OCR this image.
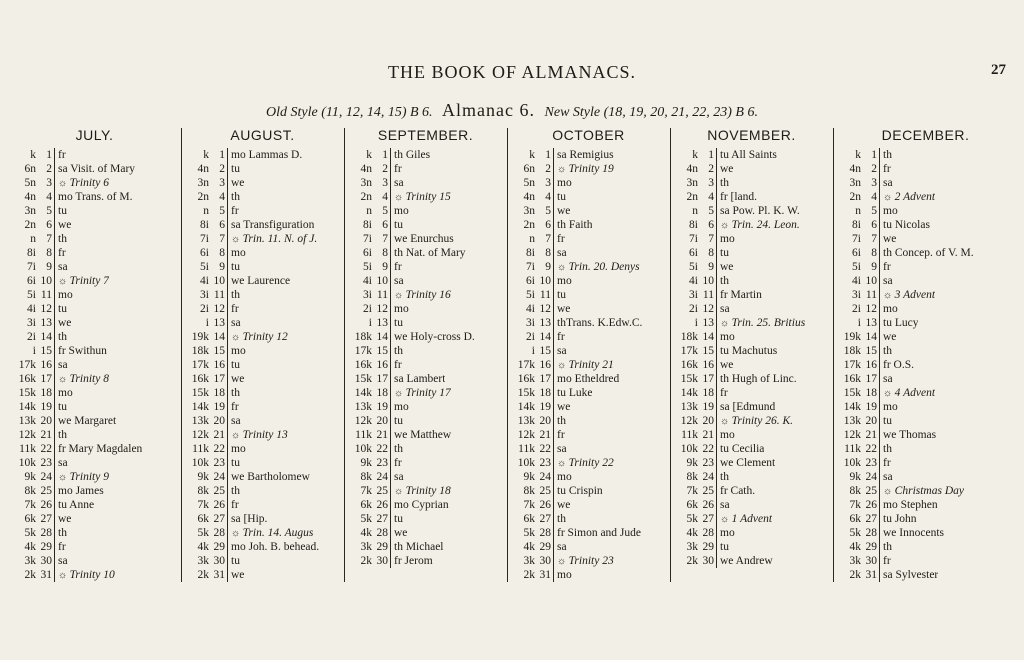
THE BOOK OF ALMANACS.	27
Old Style (11, 12, 14, 15) B 6. Almanac 6. New Style (18, 19, 20, 21, 22, 23) B 6.
JULY.
k 1 fr
6n 2 sa Visit. of Mary
5n 3	☼ Trinity 6
4n 4 mo Trans. of M.
3n 5 tu
2n 6 we
n 7 th
8i 8 fr
7i 9 sa
6i 10	☼ Trinity 7
5i 11 mo
4i 12 tu
3i 13 we
2i 14 th
i 15 fr Swithun
17k 16 sa
16k 17	☼ Trinity 8
15k 18 mo
14k 19 tu
13k 20 we Margaret
12k 21 th
11k 22 fr Mary Magdalen
10k 23 sa
9k 24	☼ Trinity 9
8k 25 mo James
7k 26 tu Anne
6k 27 we
5k 28 th
4k 29 fr
3k 30 sa
2k 31	☼ Trinity 10
AUGUST.
k 1 mo Lammas D.
4n 2 tu
3n 3 we
2n 4 th
n 5 fr
8i 6 sa Transfiguration
7i 7	☼ Trin. 11. N. of J.
6i 8 mo
5i 9 tu
4i 10 we Laurence
3i 11 th
2i 12 fr
i 13 sa
19k 14	☼ Trinity 12
18k 15 mo
17k 16 tu
16k 17 we
15k 18 th
14k 19 fr
13k 20 sa
12k 21	☼ Trinity 13
11k 22 mo
10k 23 tu
9k 24 we Bartholomew
8k 25 th
7k 26 fr
6k 27 sa [Hip.
5k 28	☼ Trin. 14. Augus
4k 29 mo Joh. B. behead.
3k 30 tu
2k 31 we
SEPTEMBER.
k 1 th Giles
4n 2 fr
3n 3 sa
2n 4	☼ Trinity 15
n 5 mo
8i 6 tu
7i 7 we Enurchus
6i 8 th Nat. of Mary
5i 9 fr
4i 10 sa
3i 11	☼ Trinity 16
2i 12 mo
i 13 tu
18k 14 we Holy-cross D.
17k 15 th
16k 16 fr
15k 17 sa Lambert
14k 18	☼ Trinity 17
13k 19 mo
12k 20 tu
11k 21 we Matthew
10k 22 th
9k 23 fr
8k 24 sa
7k 25	☼ Trinity 18
6k 26 mo Cyprian
5k 27 tu
4k 28 we
3k 29 th Michael
2k 30 fr Jerom
OCTOBER
k 1 sa Remigius
6n 2	☼ Trinity 19
5n 3 mo
4n 4 tu
3n 5 we
2n 6 th Faith
n 7 fr
8i 8 sa
7i 9	☼ Trin. 20. Denys
6i 10 mo
5i 11 tu
4i 12 we
3i 13 thTrans. K.Edw.C.
2i 14 fr
i 15 sa
17k 16	☼ Trinity 21
16k 17 mo Etheldred
15k 18 tu Luke
14k 19 we
13k 20 th
12k 21 fr
11k 22 sa
10k 23	☼ Trinity 22
9k 24 mo
8k 25 tu Crispin
7k 26 we
6k 27 th
5k 28 fr Simon and Jude
4k 29 sa
3k 30	☼ Trinity 23
2k 31 mo
NOVEMBER.
k 1 tu All Saints
4n 2 we
3n 3 th
2n 4 fr [land.
n 5 sa Pow. Pl. K. W.
8i 6	☼ Trin. 24. Leon.
7i 7 mo
6i 8 tu
5i 9 we
4i 10 th
3i 11 fr Martin
2i 12 sa
i 13	☼ Trin. 25. Britius
18k 14 mo
17k 15 tu Machutus
16k 16 we
15k 17 th Hugh of Linc.
14k 18 fr
13k 19 sa [Edmund
12k 20	☼ Trinity 26. K.
11k 21 mo
10k 22 tu Cecilia
9k 23 we Clement
8k 24 th
7k 25 fr Cath.
6k 26 sa
5k 27	☼ 1 Advent
4k 28 mo
3k 29 tu
2k 30 we Andrew
DECEMBER.
k 1 th
4n 2 fr
3n 3 sa
2n 4	☼ 2 Advent
n 5 mo
8i 6 tu Nicolas
7i 7 we
6i 8 th Concep. of V. M.
5i 9 fr
4i 10 sa
3i 11	☼ 3 Advent
2i 12 mo
i 13 tu Lucy
19k 14 we
18k 15 th
17k 16 fr O.S.
16k 17 sa
15k 18	☼ 4 Advent
14k 19 mo
13k 20 tu
12k 21 we Thomas
11k 22 th
10k 23 fr
9k 24 sa
8k 25	☼ Christmas Day
7k 26 mo Stephen
6k 27 tu John
5k 28 we Innocents
4k 29 th
3k 30 fr
2k 31 sa Sylvester
